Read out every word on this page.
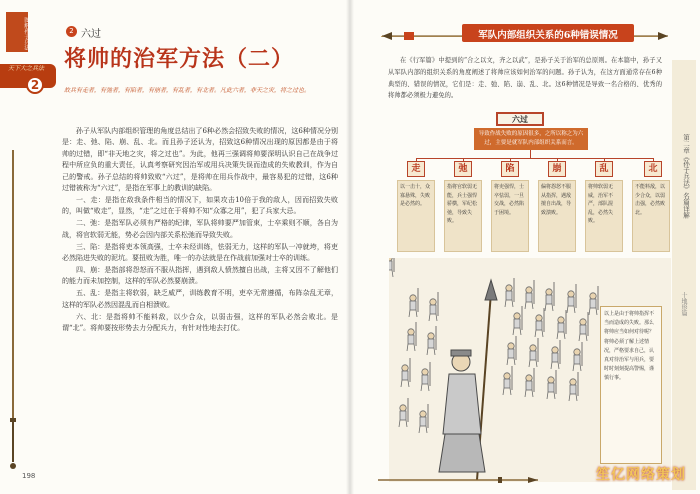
图解孙子兵法
天下大之兵法
2
2 六过
将帅的治军方法（二）
故兵有走者，有弛者，有陷者，有崩者，有乱者，有北者。凡此六者，非天之灾，将之过也。

孙子从军队内部组织管理的角度总结出了6种必然会招致失败的情况，这6种情况分别是：走、弛、陷、崩、乱、北。而且孙子还认为，招致这6种情况出现的原因都是由于将帅的过错，即“非天地之灾，将之过也”。为此，他再三强调将帅要深明认识自己在战争过程中所应负的重大责任，认真考察研究因治军或用兵决策失误而造成的失败教训，作为自己的警戒。孙子总结的将帅致败“六过”，是将帅在用兵作战中，最容易犯的过错，这6种过错被称为“六过”，是指在军事上的教训的缺陷。

一、走：是指在敌我条件相当的情况下，如果攻击10倍于我的敌人，因而招致失败的，叫做“败走”，显然，“走”之过在于将帅不知“众寡之用”，犯了兵家大忌。

二、弛：是指军队必须有严格的纪律，军队将帅要严加管束，士卒乘则不顺，各自为战，将官软弱无能，势必会因内部关系松弛而导致失败。

三、陷：是指将吏本领高强，士卒未经训练，怯弱无力，这样的军队一冲就垮，将吏必然陷进失败的泥坑。要扭败为胜，唯一的办法就是在作战前加强对士卒的训练。

四、崩：是指部将怨怒而不服从指挥，遇到敌人愤然擅自出战，主将又因不了解他们的能力而未加控制，这样的军队必然要崩溃。

五、乱：是指主将软弱，缺乏威严，训练教育不明，吏卒无常遵循，布阵杂乱无章，这样的军队必然因混乱而自相溃败。

六、北：是指将帅不能料敌，以少合众，以弱击强，这样的军队必然会败北。是谓“北”。将帅要按形势去力分配兵力，有针对性地去打仗。

198
军队内部组织关系的6种错误情况
在《行军篇》中提到的“合之以文，齐之以武”，是孙子关于治军的总原则。在本篇中，孙子又从军队内部的组织关系的角度阐述了将帅应该如何治军的问题。孙子认为，在这方面通常存在6种典型的、错误的情况，它们是：走、弛、陷、崩、乱、北。这6种情况是导致一名合格的、优秀的将帅都必须极力避免的。
第二章《孙子兵法》名篇详解
十地形篇
六过
导致作战失败的原因很多，之所以称之为六过，主要是就军队内部组织关系而言。
走	弛	陷	崩	乱	北
以一击十，众寡悬殊，失败是必然的。
指将官软弱无能，兵士强悍骄横，军纪松弛，导致失败。
将吏强悍，士卒怯弱，一旦交战，必然陷于困境。
偏将怨怒不服从指挥，遇敌擅自出战，导致溃败。
将帅软弱无威，治军不严，部队混乱，必然失败。
不能料敌，以少合众，以弱击强，必然败北。
以上是由于将帅指挥不当而造成的失败。那么将帅应当如何对待呢？将帅必须了解上述情况，严格要求自己，认真对待治军与用兵，要时时刻刻提高警惕，谨慎行事。
笙亿网络策划
